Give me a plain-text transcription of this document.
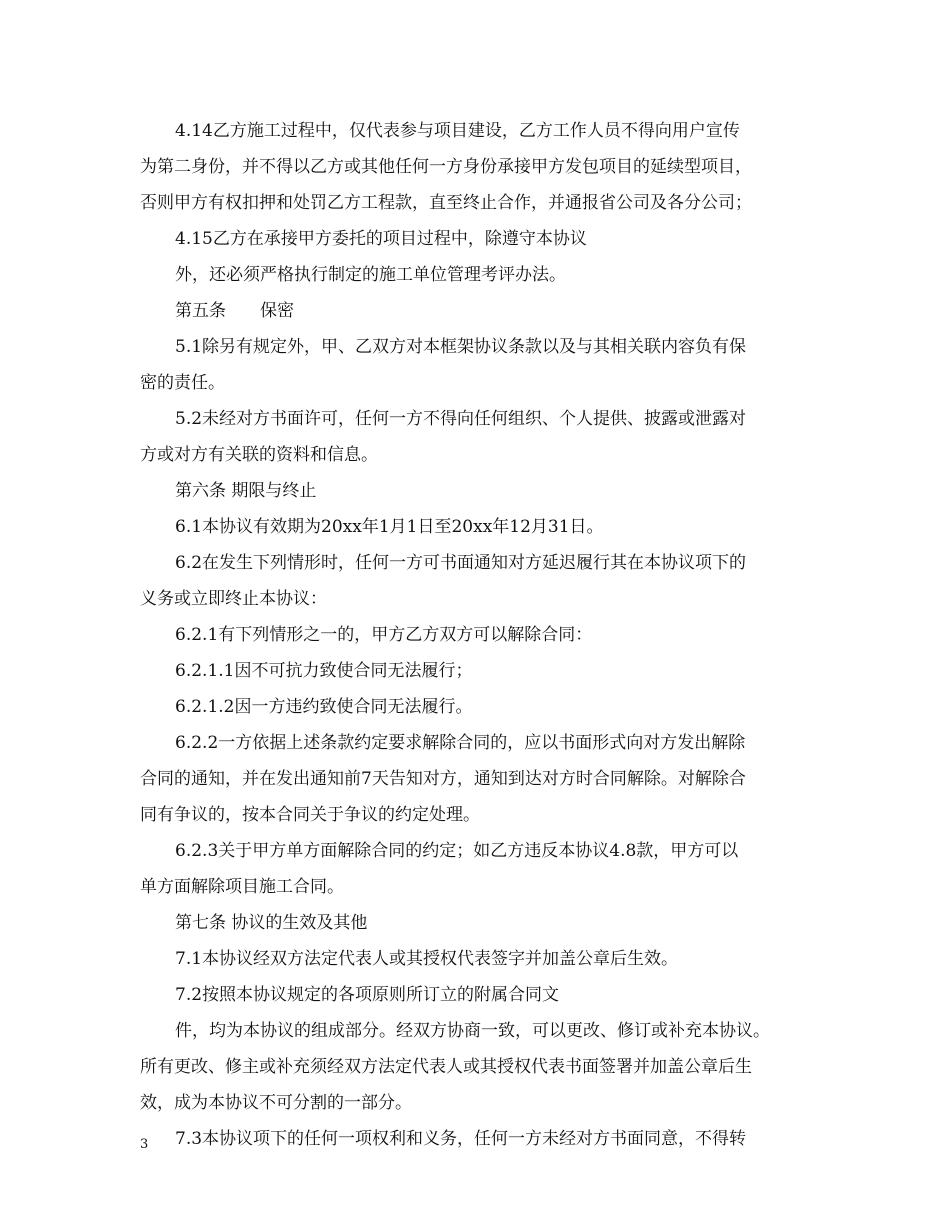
4.14乙方施工过程中，仅代表参与项目建设，乙方工作人员不得向用户宣传
为第二身份，并不得以乙方或其他任何一方身份承接甲方发包项目的延续型项目，
否则甲方有权扣押和处罚乙方工程款，直至终止合作，并通报省公司及各分公司；
4.15乙方在承接甲方委托的项目过程中，除遵守本协议
外，还必须严格执行制定的施工单位管理考评办法。
第五条　　保密
5.1除另有规定外，甲、乙双方对本框架协议条款以及与其相关联内容负有保
密的责任。
5.2未经对方书面许可，任何一方不得向任何组织、个人提供、披露或泄露对
方或对方有关联的资料和信息。
第六条 期限与终止
6.1本协议有效期为20xx年1月1日至20xx年12月31日。
6.2在发生下列情形时，任何一方可书面通知对方延迟履行其在本协议项下的
义务或立即终止本协议：
6.2.1有下列情形之一的，甲方乙方双方可以解除合同：
6.2.1.1因不可抗力致使合同无法履行；
6.2.1.2因一方违约致使合同无法履行。
6.2.2一方依据上述条款约定要求解除合同的，应以书面形式向对方发出解除
合同的通知，并在发出通知前7天告知对方，通知到达对方时合同解除。对解除合
同有争议的，按本合同关于争议的约定处理。
6.2.3关于甲方单方面解除合同的约定；如乙方违反本协议4.8款，甲方可以
单方面解除项目施工合同。
第七条 协议的生效及其他
7.1本协议经双方法定代表人或其授权代表签字并加盖公章后生效。
7.2按照本协议规定的各项原则所订立的附属合同文
件，均为本协议的组成部分。经双方协商一致，可以更改、修订或补充本协议。
所有更改、修主或补充须经双方法定代表人或其授权代表书面签署并加盖公章后生
效，成为本协议不可分割的一部分。
7.3本协议项下的任何一项权利和义务，任何一方未经对方书面同意，不得转
3
